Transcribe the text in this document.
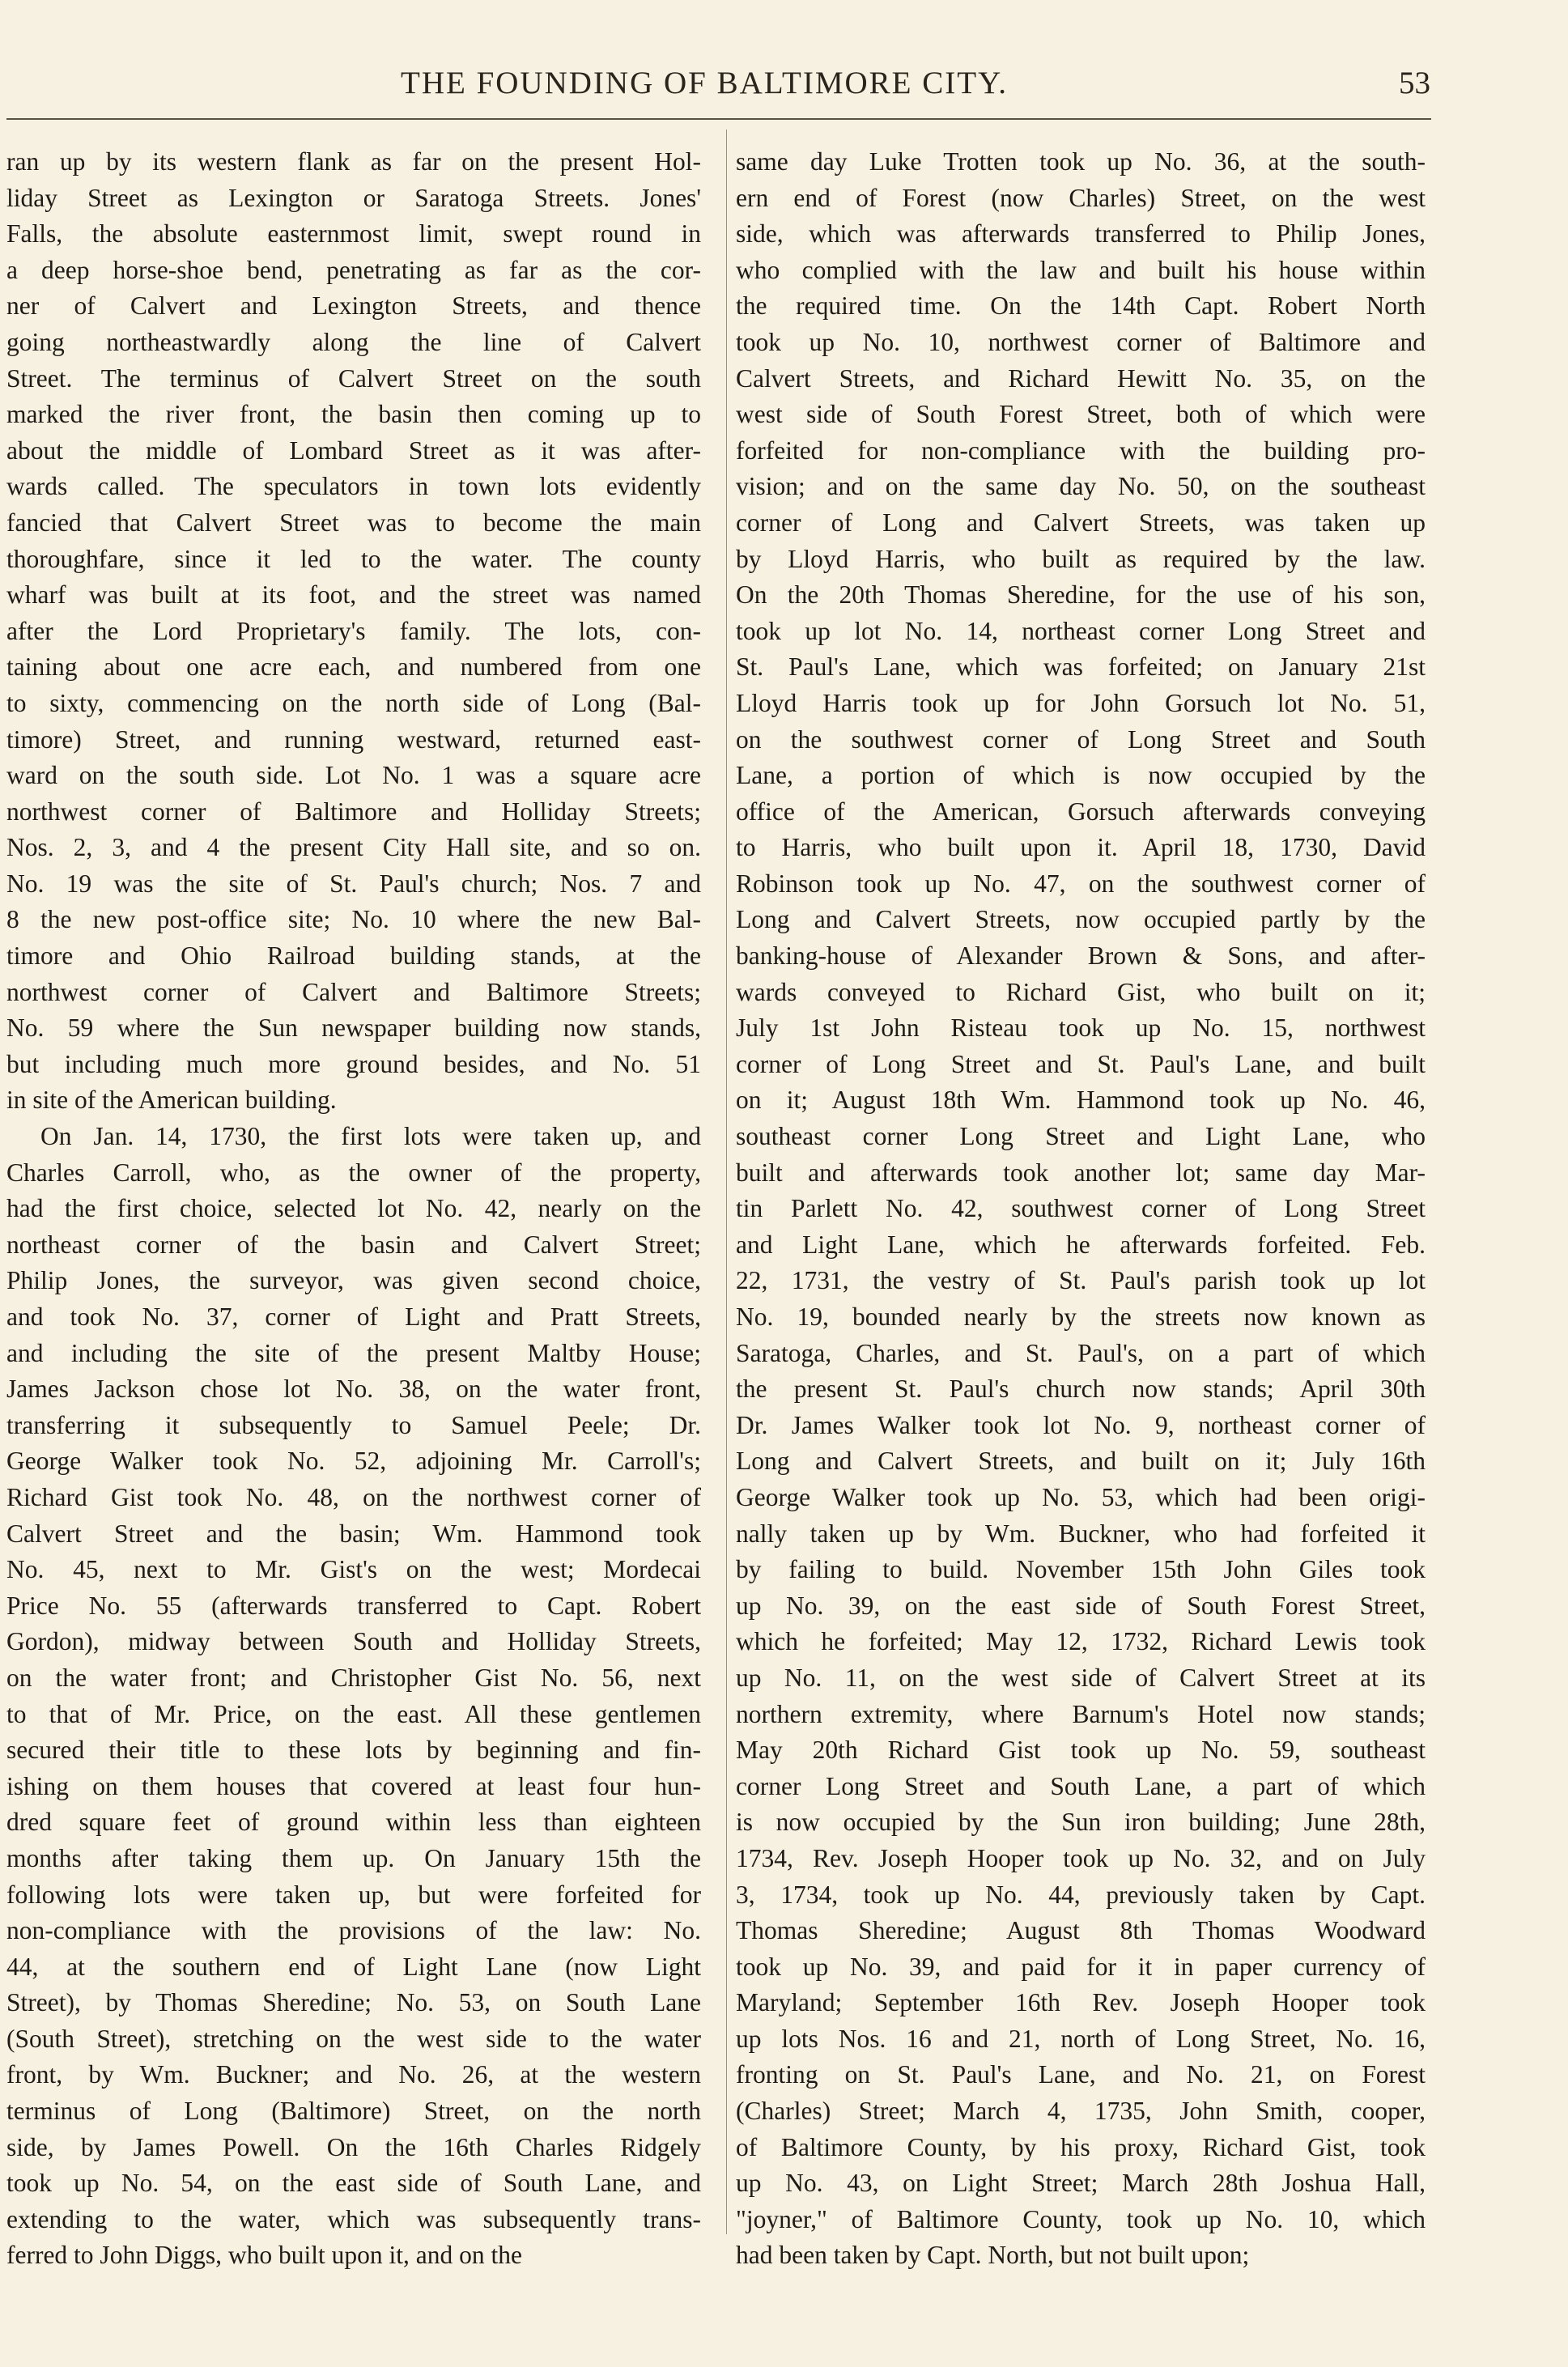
THE FOUNDING OF BALTIMORE CITY.	53
ran up by its western flank as far on the present Hol-
liday Street as Lexington or Saratoga Streets. Jones'
Falls, the absolute easternmost limit, swept round in
a deep horse-shoe bend, penetrating as far as the cor-
ner of Calvert and Lexington Streets, and thence
going northeastwardly along the line of Calvert
Street. The terminus of Calvert Street on the south
marked the river front, the basin then coming up to
about the middle of Lombard Street as it was after-
wards called. The speculators in town lots evidently
fancied that Calvert Street was to become the main
thoroughfare, since it led to the water. The county
wharf was built at its foot, and the street was named
after the Lord Proprietary's family. The lots, con-
taining about one acre each, and numbered from one
to sixty, commencing on the north side of Long (Bal-
timore) Street, and running westward, returned east-
ward on the south side. Lot No. 1 was a square acre
northwest corner of Baltimore and Holliday Streets;
Nos. 2, 3, and 4 the present City Hall site, and so on.
No. 19 was the site of St. Paul's church; Nos. 7 and
8 the new post-office site; No. 10 where the new Bal-
timore and Ohio Railroad building stands, at the
northwest corner of Calvert and Baltimore Streets;
No. 59 where the Sun newspaper building now stands,
but including much more ground besides, and No. 51
in site of the American building.
On Jan. 14, 1730, the first lots were taken up, and
Charles Carroll, who, as the owner of the property,
had the first choice, selected lot No. 42, nearly on the
northeast corner of the basin and Calvert Street;
Philip Jones, the surveyor, was given second choice,
and took No. 37, corner of Light and Pratt Streets,
and including the site of the present Maltby House;
James Jackson chose lot No. 38, on the water front,
transferring it subsequently to Samuel Peele; Dr.
George Walker took No. 52, adjoining Mr. Carroll's;
Richard Gist took No. 48, on the northwest corner of
Calvert Street and the basin; Wm. Hammond took
No. 45, next to Mr. Gist's on the west; Mordecai
Price No. 55 (afterwards transferred to Capt. Robert
Gordon), midway between South and Holliday Streets,
on the water front; and Christopher Gist No. 56, next
to that of Mr. Price, on the east. All these gentlemen
secured their title to these lots by beginning and fin-
ishing on them houses that covered at least four hun-
dred square feet of ground within less than eighteen
months after taking them up. On January 15th the
following lots were taken up, but were forfeited for
non-compliance with the provisions of the law: No.
44, at the southern end of Light Lane (now Light
Street), by Thomas Sheredine; No. 53, on South Lane
(South Street), stretching on the west side to the water
front, by Wm. Buckner; and No. 26, at the western
terminus of Long (Baltimore) Street, on the north
side, by James Powell. On the 16th Charles Ridgely
took up No. 54, on the east side of South Lane, and
extending to the water, which was subsequently trans-
ferred to John Diggs, who built upon it, and on the
same day Luke Trotten took up No. 36, at the south-
ern end of Forest (now Charles) Street, on the west
side, which was afterwards transferred to Philip Jones,
who complied with the law and built his house within
the required time. On the 14th Capt. Robert North
took up No. 10, northwest corner of Baltimore and
Calvert Streets, and Richard Hewitt No. 35, on the
west side of South Forest Street, both of which were
forfeited for non-compliance with the building pro-
vision; and on the same day No. 50, on the southeast
corner of Long and Calvert Streets, was taken up
by Lloyd Harris, who built as required by the law.
On the 20th Thomas Sheredine, for the use of his son,
took up lot No. 14, northeast corner Long Street and
St. Paul's Lane, which was forfeited; on January 21st
Lloyd Harris took up for John Gorsuch lot No. 51,
on the southwest corner of Long Street and South
Lane, a portion of which is now occupied by the
office of the American, Gorsuch afterwards conveying
to Harris, who built upon it. April 18, 1730, David
Robinson took up No. 47, on the southwest corner of
Long and Calvert Streets, now occupied partly by the
banking-house of Alexander Brown & Sons, and after-
wards conveyed to Richard Gist, who built on it;
July 1st John Risteau took up No. 15, northwest
corner of Long Street and St. Paul's Lane, and built
on it; August 18th Wm. Hammond took up No. 46,
southeast corner Long Street and Light Lane, who
built and afterwards took another lot; same day Mar-
tin Parlett No. 42, southwest corner of Long Street
and Light Lane, which he afterwards forfeited. Feb.
22, 1731, the vestry of St. Paul's parish took up lot
No. 19, bounded nearly by the streets now known as
Saratoga, Charles, and St. Paul's, on a part of which
the present St. Paul's church now stands; April 30th
Dr. James Walker took lot No. 9, northeast corner of
Long and Calvert Streets, and built on it; July 16th
George Walker took up No. 53, which had been origi-
nally taken up by Wm. Buckner, who had forfeited it
by failing to build. November 15th John Giles took
up No. 39, on the east side of South Forest Street,
which he forfeited; May 12, 1732, Richard Lewis took
up No. 11, on the west side of Calvert Street at its
northern extremity, where Barnum's Hotel now stands;
May 20th Richard Gist took up No. 59, southeast
corner Long Street and South Lane, a part of which
is now occupied by the Sun iron building; June 28th,
1734, Rev. Joseph Hooper took up No. 32, and on July
3, 1734, took up No. 44, previously taken by Capt.
Thomas Sheredine; August 8th Thomas Woodward
took up No. 39, and paid for it in paper currency of
Maryland; September 16th Rev. Joseph Hooper took
up lots Nos. 16 and 21, north of Long Street, No. 16,
fronting on St. Paul's Lane, and No. 21, on Forest
(Charles) Street; March 4, 1735, John Smith, cooper,
of Baltimore County, by his proxy, Richard Gist, took
up No. 43, on Light Street; March 28th Joshua Hall,
"joyner," of Baltimore County, took up No. 10, which
had been taken by Capt. North, but not built upon;
